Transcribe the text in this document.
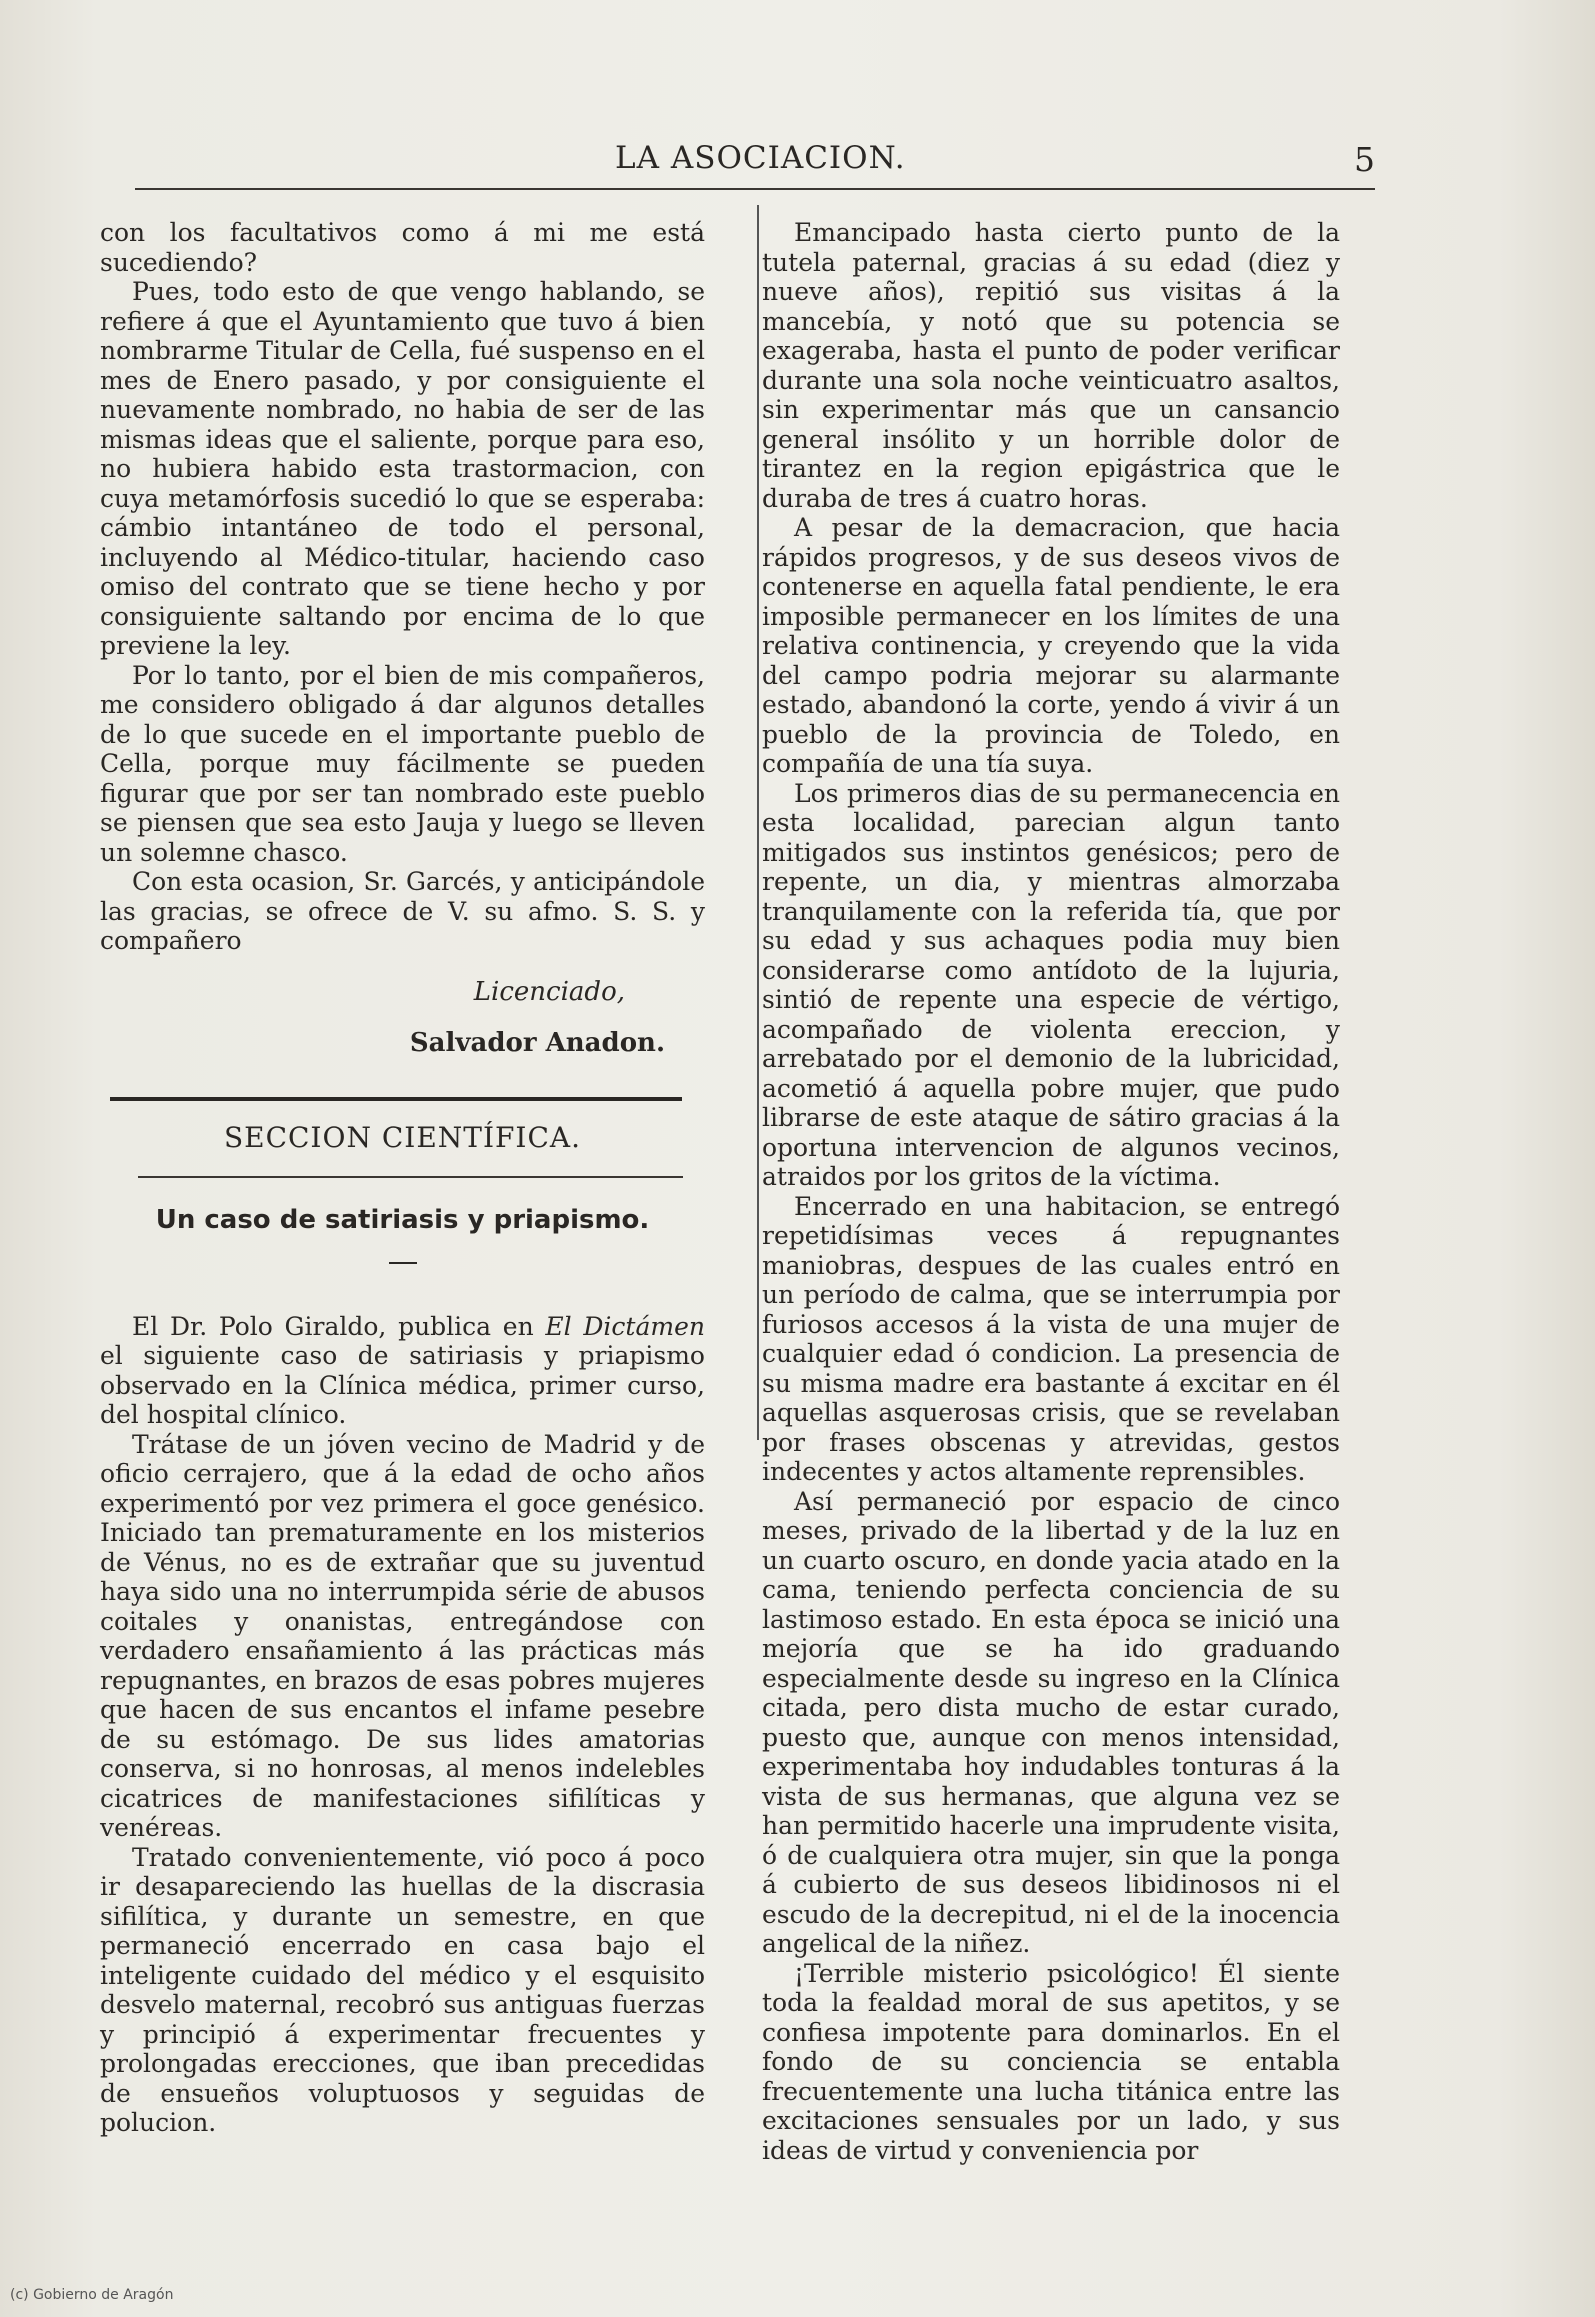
LA ASOCIACION.	5

con los facultativos como á mi me está sucediendo?

Pues, todo esto de que vengo hablando, se refiere á que el Ayuntamiento que tuvo á bien nombrarme Titular de Cella, fué suspenso en el mes de Enero pasado, y por consiguiente el nuevamente nombrado, no habia de ser de las mismas ideas que el saliente, porque para eso, no hubiera habido esta trastormacion, con cuya metamórfosis sucedió lo que se esperaba: cámbio intantáneo de todo el personal, incluyendo al Médico-titular, haciendo caso omiso del contrato que se tiene hecho y por consiguiente saltando por encima de lo que previene la ley.

Por lo tanto, por el bien de mis compañeros, me considero obligado á dar algunos detalles de lo que sucede en el importante pueblo de Cella, porque muy fácilmente se pueden figurar que por ser tan nombrado este pueblo se piensen que sea esto Jauja y luego se lleven un solemne chasco.

Con esta ocasion, Sr. Garcés, y anticipándole las gracias, se ofrece de V. su afmo. S. S. y compañero

Licenciado,
Salvador Anadon.
SECCION CIENTÍFICA.
Un caso de satiriasis y priapismo.

El Dr. Polo Giraldo, publica en El Dictámen el siguiente caso de satiriasis y priapismo observado en la Clínica médica, primer curso, del hospital clínico.

Trátase de un jóven vecino de Madrid y de oficio cerrajero, que á la edad de ocho años experimentó por vez primera el goce genésico. Iniciado tan prematuramente en los misterios de Vénus, no es de extrañar que su juventud haya sido una no interrumpida série de abusos coitales y onanistas, entregándose con verdadero ensañamiento á las prácticas más repugnantes, en brazos de esas pobres mujeres que hacen de sus encantos el infame pesebre de su estómago. De sus lides amatorias conserva, si no honrosas, al menos indelebles cicatrices de manifestaciones sifilíticas y venéreas.

Tratado convenientemente, vió poco á poco ir desapareciendo las huellas de la discrasia sifilítica, y durante un semestre, en que permaneció encerrado en casa bajo el inteligente cuidado del médico y el esquisito desvelo maternal, recobró sus antiguas fuerzas y principió á experimentar frecuentes y prolongadas erecciones, que iban precedidas de ensueños voluptuosos y seguidas de polucion.

Emancipado hasta cierto punto de la tutela paternal, gracias á su edad (diez y nueve años), repitió sus visitas á la mancebía, y notó que su potencia se exageraba, hasta el punto de poder verificar durante una sola noche veinticuatro asaltos, sin experimentar más que un cansancio general insólito y un horrible dolor de tirantez en la region epigástrica que le duraba de tres á cuatro horas.

A pesar de la demacracion, que hacia rápidos progresos, y de sus deseos vivos de contenerse en aquella fatal pendiente, le era imposible permanecer en los límites de una relativa continencia, y creyendo que la vida del campo podria mejorar su alarmante estado, abandonó la corte, yendo á vivir á un pueblo de la provincia de Toledo, en compañía de una tía suya.

Los primeros dias de su permanecencia en esta localidad, parecian algun tanto mitigados sus instintos genésicos; pero de repente, un dia, y mientras almorzaba tranquilamente con la referida tía, que por su edad y sus achaques podia muy bien considerarse como antídoto de la lujuria, sintió de repente una especie de vértigo, acompañado de violenta ereccion, y arrebatado por el demonio de la lubricidad, acometió á aquella pobre mujer, que pudo librarse de este ataque de sátiro gracias á la oportuna intervencion de algunos vecinos, atraidos por los gritos de la víctima.

Encerrado en una habitacion, se entregó repetidísimas veces á repugnantes maniobras, despues de las cuales entró en un período de calma, que se interrumpia por furiosos accesos á la vista de una mujer de cualquier edad ó condicion. La presencia de su misma madre era bastante á excitar en él aquellas asquerosas crisis, que se revelaban por frases obscenas y atrevidas, gestos indecentes y actos altamente reprensibles.

Así permaneció por espacio de cinco meses, privado de la libertad y de la luz en un cuarto oscuro, en donde yacia atado en la cama, teniendo perfecta conciencia de su lastimoso estado. En esta época se inició una mejoría que se ha ido graduando especialmente desde su ingreso en la Clínica citada, pero dista mucho de estar curado, puesto que, aunque con menos intensidad, experimentaba hoy indudables tonturas á la vista de sus hermanas, que alguna vez se han permitido hacerle una imprudente visita, ó de cualquiera otra mujer, sin que la ponga á cubierto de sus deseos libidinosos ni el escudo de la decrepitud, ni el de la inocencia angelical de la niñez.

¡Terrible misterio psicológico! Él siente toda la fealdad moral de sus apetitos, y se confiesa impotente para dominarlos. En el fondo de su conciencia se entabla frecuentemente una lucha titánica entre las excitaciones sensuales por un lado, y sus ideas de virtud y conveniencia por

(c) Gobierno de Aragón
